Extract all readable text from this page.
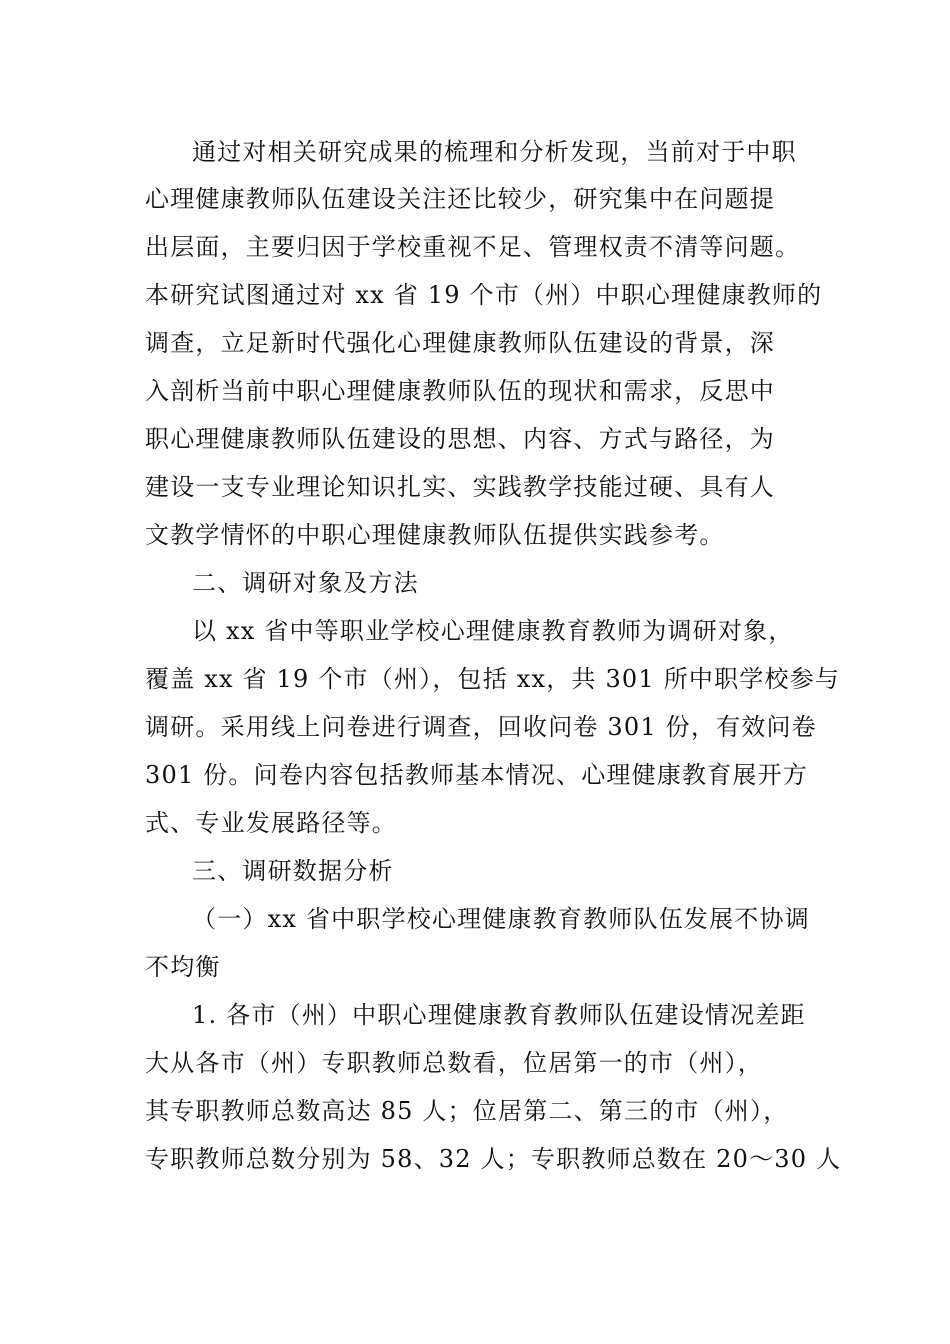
通过对相关研究成果的梳理和分析发现，当前对于中职
心理健康教师队伍建设关注还比较少，研究集中在问题提
出层面，主要归因于学校重视不足、管理权责不清等问题。
本研究试图通过对 xx 省 19 个市（州）中职心理健康教师的
调查，立足新时代强化心理健康教师队伍建设的背景，深
入剖析当前中职心理健康教师队伍的现状和需求，反思中
职心理健康教师队伍建设的思想、内容、方式与路径，为
建设一支专业理论知识扎实、实践教学技能过硬、具有人
文教学情怀的中职心理健康教师队伍提供实践参考。
二、调研对象及方法
以 xx 省中等职业学校心理健康教育教师为调研对象，
覆盖 xx 省 19 个市（州），包括 xx，共 301 所中职学校参与
调研。采用线上问卷进行调查，回收问卷 301 份，有效问卷
301 份。问卷内容包括教师基本情况、心理健康教育展开方
式、专业发展路径等。
三、调研数据分析
（一）xx 省中职学校心理健康教育教师队伍发展不协调
不均衡
1. 各市（州）中职心理健康教育教师队伍建设情况差距
大从各市（州）专职教师总数看，位居第一的市（州），
其专职教师总数高达 85 人；位居第二、第三的市（州），
专职教师总数分别为 58、32 人；专职教师总数在 20～30 人
